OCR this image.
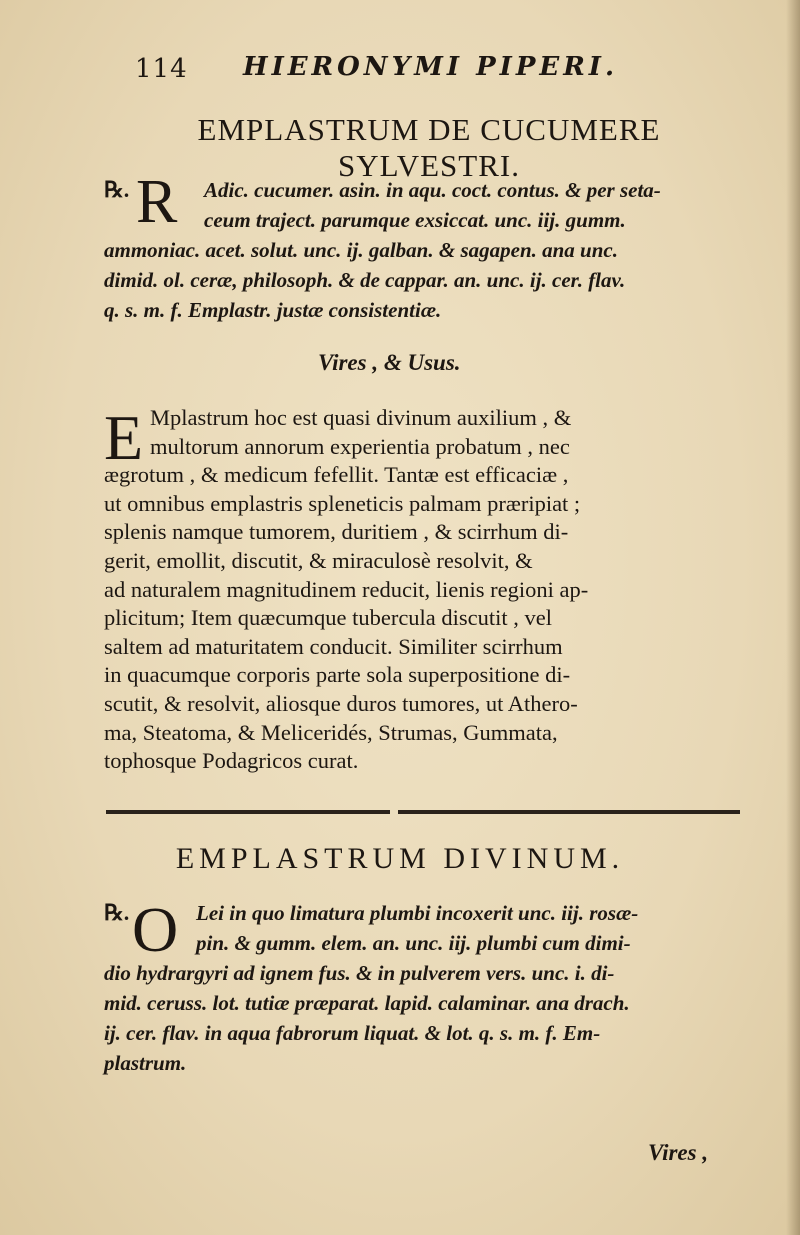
114 HIERONYMI PIPERI.
EMPLASTRUM DE CUCUMERE SYLVESTRI.
℞. R Adic. cucumer. asin. in aqu. coct. contus. & per seta-
ceum traject. parumque exsiccat. unc. iij. gumm.
ammoniac. acet. solut. unc. ij. galban. & sagapen. ana unc.
dimid. ol. ceræ, philosoph. & de cappar. an. unc. ij. cer. flav.
q. s. m. f. Emplastr. justæ consistentiæ.
Vires , & Usus.
E Mplastrum hoc est quasi divinum auxilium , &
multorum annorum experientia probatum , nec
ægrotum , & medicum fefellit. Tantæ est efficaciæ ,
ut omnibus emplastris spleneticis palmam præripiat ;
splenis namque tumorem, duritiem , & scirrhum di-
gerit, emollit, discutit, & miraculosè resolvit, &
ad naturalem magnitudinem reducit, lienis regioni ap-
plicitum; Item quæcumque tubercula discutit , vel
saltem ad maturitatem conducit. Similiter scirrhum
in quacumque corporis parte sola superpositione di-
scutit, & resolvit, aliosque duros tumores, ut Athero-
ma, Steatoma, & Meliceridés, Strumas, Gummata,
tophosque Podagricos curat.
EMPLASTRUM DIVINUM.
℞. O Lei in quo limatura plumbi incoxerit unc. iij. rosæ-
pin. & gumm. elem. an. unc. iij. plumbi cum dimi-
dio hydrargyri ad ignem fus. & in pulverem vers. unc. i. di-
mid. ceruss. lot. tutiæ præparat. lapid. calaminar. ana drach.
ij. cer. flav. in aqua fabrorum liquat. & lot. q. s. m. f. Em-
plastrum.
Vires ,
